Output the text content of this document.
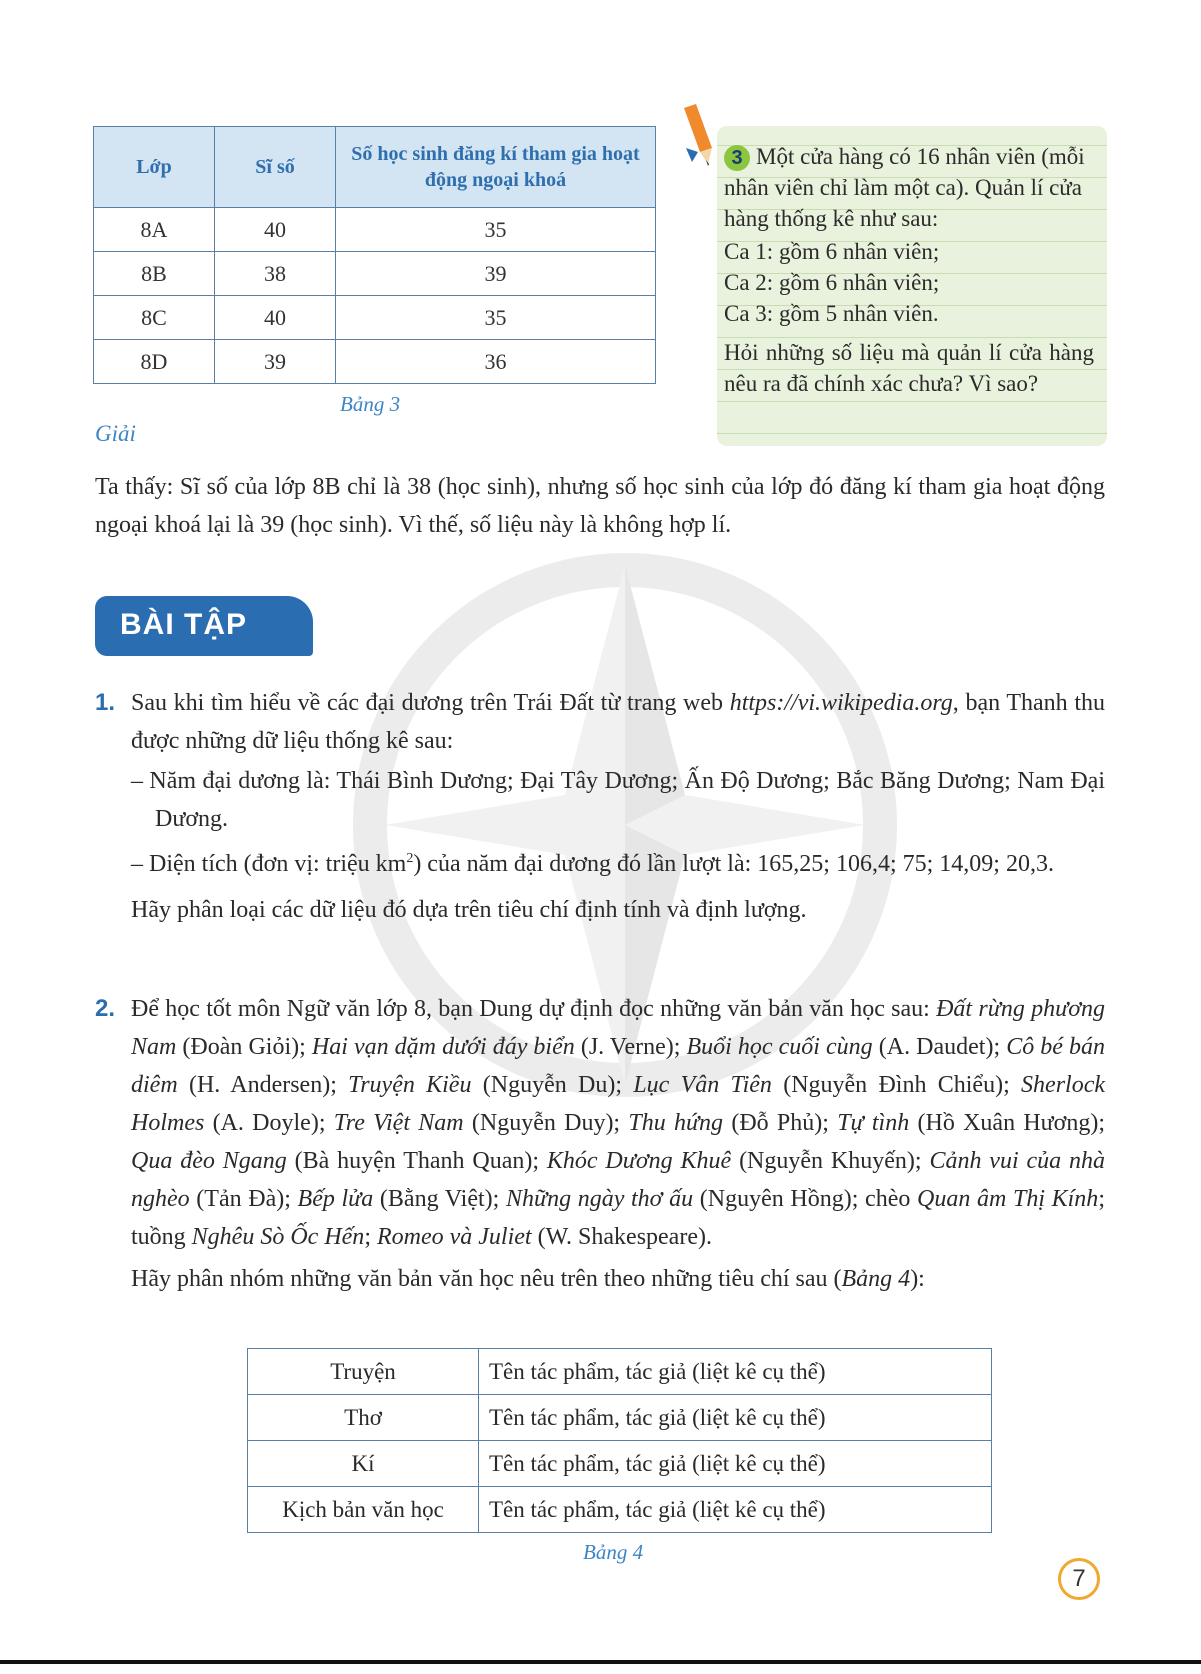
Lớp	Sĩ số	Số học sinh đăng kí tham gia hoạt động ngoại khoá
8A	40	35
8B	38	39
8C	40	35
8D	39	36
Bảng 3
3 Một cửa hàng có 16 nhân viên (mỗi nhân viên chỉ làm một ca). Quản lí cửa hàng thống kê như sau:
Ca 1: gồm 6 nhân viên;
Ca 2: gồm 6 nhân viên;
Ca 3: gồm 5 nhân viên.
Hỏi những số liệu mà quản lí cửa hàng nêu ra đã chính xác chưa? Vì sao?
Giải
Ta thấy: Sĩ số của lớp 8B chỉ là 38 (học sinh), nhưng số học sinh của lớp đó đăng kí tham gia hoạt động ngoại khoá lại là 39 (học sinh). Vì thế, số liệu này là không hợp lí.
BÀI TẬP
1. Sau khi tìm hiểu về các đại dương trên Trái Đất từ trang web https://vi.wikipedia.org, bạn Thanh thu được những dữ liệu thống kê sau:
– Năm đại dương là: Thái Bình Dương; Đại Tây Dương; Ấn Độ Dương; Bắc Băng Dương; Nam Đại Dương.
– Diện tích (đơn vị: triệu $km^2$) của năm đại dương đó lần lượt là: 165,25; 106,4; 75; 14,09; 20,3.
Hãy phân loại các dữ liệu đó dựa trên tiêu chí định tính và định lượng.
2. Để học tốt môn Ngữ văn lớp 8, bạn Dung dự định đọc những văn bản văn học sau: Đất rừng phương Nam (Đoàn Giỏi); Hai vạn dặm dưới đáy biển (J. Verne); Buổi học cuối cùng (A. Daudet); Cô bé bán diêm (H. Andersen); Truyện Kiều (Nguyễn Du); Lục Vân Tiên (Nguyễn Đình Chiểu); Sherlock Holmes (A. Doyle); Tre Việt Nam (Nguyễn Duy); Thu hứng (Đỗ Phủ); Tự tình (Hồ Xuân Hương); Qua đèo Ngang (Bà huyện Thanh Quan); Khóc Dương Khuê (Nguyễn Khuyến); Cảnh vui của nhà nghèo (Tản Đà); Bếp lửa (Bằng Việt); Những ngày thơ ấu (Nguyên Hồng); chèo Quan âm Thị Kính; tuồng Nghêu Sò Ốc Hến; Romeo và Juliet (W. Shakespeare).
Hãy phân nhóm những văn bản văn học nêu trên theo những tiêu chí sau (Bảng 4):
Truyện	Tên tác phẩm, tác giả (liệt kê cụ thể)
Thơ	Tên tác phẩm, tác giả (liệt kê cụ thể)
Kí	Tên tác phẩm, tác giả (liệt kê cụ thể)
Kịch bản văn học	Tên tác phẩm, tác giả (liệt kê cụ thể)
Bảng 4
7
